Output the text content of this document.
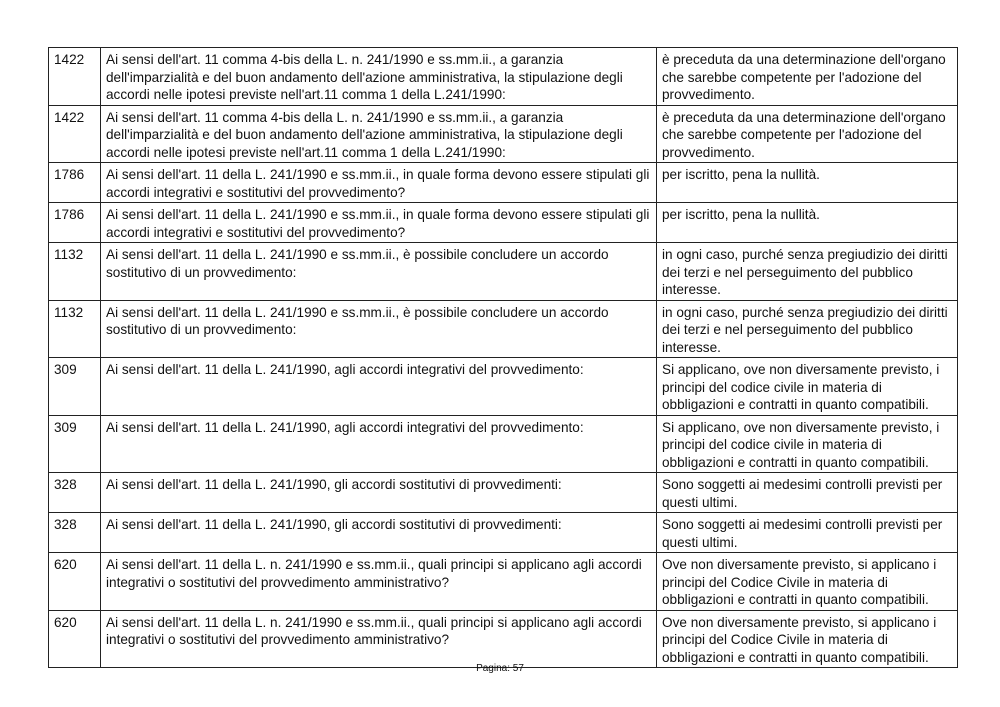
1422	Ai sensi dell'art. 11 comma 4-bis della L. n. 241/1990 e ss.mm.ii., a garanzia dell'imparzialità e del buon andamento dell'azione amministrativa, la stipulazione degli accordi nelle ipotesi previste nell'art.11 comma 1 della L.241/1990:	è preceduta da una determinazione dell'organo che sarebbe competente per l'adozione del provvedimento.
1422	Ai sensi dell'art. 11 comma 4-bis della L. n. 241/1990 e ss.mm.ii., a garanzia dell'imparzialità e del buon andamento dell'azione amministrativa, la stipulazione degli accordi nelle ipotesi previste nell'art.11 comma 1 della L.241/1990:	è preceduta da una determinazione dell'organo che sarebbe competente per l'adozione del provvedimento.
1786	Ai sensi dell'art. 11 della L. 241/1990 e ss.mm.ii., in quale forma devono essere stipulati gli accordi integrativi e sostitutivi del provvedimento?	per iscritto, pena la nullità.
1786	Ai sensi dell'art. 11 della L. 241/1990 e ss.mm.ii., in quale forma devono essere stipulati gli accordi integrativi e sostitutivi del provvedimento?	per iscritto, pena la nullità.
1132	Ai sensi dell'art. 11 della L. 241/1990 e ss.mm.ii., è possibile concludere un accordo sostitutivo di un provvedimento:	in ogni caso, purché senza pregiudizio dei diritti dei terzi e nel perseguimento del pubblico interesse.
1132	Ai sensi dell'art. 11 della L. 241/1990 e ss.mm.ii., è possibile concludere un accordo sostitutivo di un provvedimento:	in ogni caso, purché senza pregiudizio dei diritti dei terzi e nel perseguimento del pubblico interesse.
309	Ai sensi dell'art. 11 della L. 241/1990, agli accordi integrativi del provvedimento:	Si applicano, ove non diversamente previsto, i principi del codice civile in materia di obbligazioni e contratti in quanto compatibili.
309	Ai sensi dell'art. 11 della L. 241/1990, agli accordi integrativi del provvedimento:	Si applicano, ove non diversamente previsto, i principi del codice civile in materia di obbligazioni e contratti in quanto compatibili.
328	Ai sensi dell'art. 11 della L. 241/1990, gli accordi sostitutivi di provvedimenti:	Sono soggetti ai medesimi controlli previsti per questi ultimi.
328	Ai sensi dell'art. 11 della L. 241/1990, gli accordi sostitutivi di provvedimenti:	Sono soggetti ai medesimi controlli previsti per questi ultimi.
620	Ai sensi dell'art. 11 della L. n. 241/1990 e ss.mm.ii., quali principi si applicano agli accordi integrativi o sostitutivi del provvedimento amministrativo?	Ove non diversamente previsto, si applicano i principi del Codice Civile in materia di obbligazioni e contratti in quanto compatibili.
620	Ai sensi dell'art. 11 della L. n. 241/1990 e ss.mm.ii., quali principi si applicano agli accordi integrativi o sostitutivi del provvedimento amministrativo?	Ove non diversamente previsto, si applicano i principi del Codice Civile in materia di obbligazioni e contratti in quanto compatibili.
Pagina: 57
